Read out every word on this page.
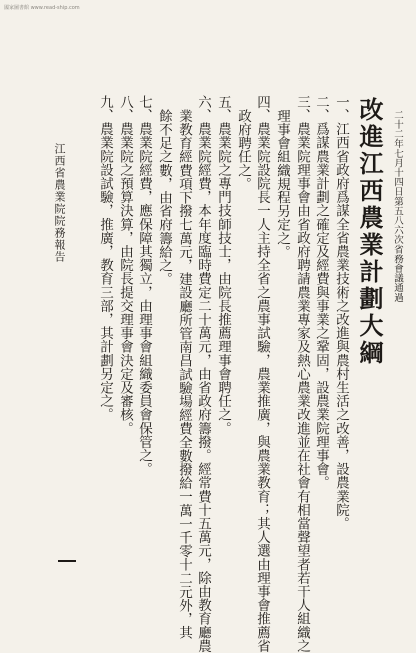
國家圖書館 www.read-ship.com
改進江西農業計劃大綱 二十二年七月十四日第五八六次省務會議通過
一、江西省政府爲謀全省農業技術之改進與農村生活之改善，設農業院。
二、爲謀農業計劃之確定及經費與事業之鞏固，設農業院理事會。
三、農業院理事會由省政府聘請農業專家及熱心農業改進並在社會有相當聲望者若干人組織之
理事會組織規程另定之。
四、農業院設院長一人主持全省之農事試驗，農業推廣，與農業教育；其人選由理事會推薦省
政府聘任之。
五、農業院之專門技師技士，由院長推薦理事會聘任之。
六、農業院經費，本年度臨時費定二十萬元，由省政府籌撥。經常費十五萬元，除由教育廳農
業教育經費項下撥七萬元，建設廳所管南昌試驗場經費全數撥給一萬一千零十二元外，其
餘不足之數，由省府籌給之。
七、農業院經費，應保障其獨立，由理事會組織委員會保管之。
八、農業院之預算決算，由院長提交理事會決定及審核。
九、農業院設試驗，推廣，教育三部，其計劃另定之。
江西省農業院院務報告
